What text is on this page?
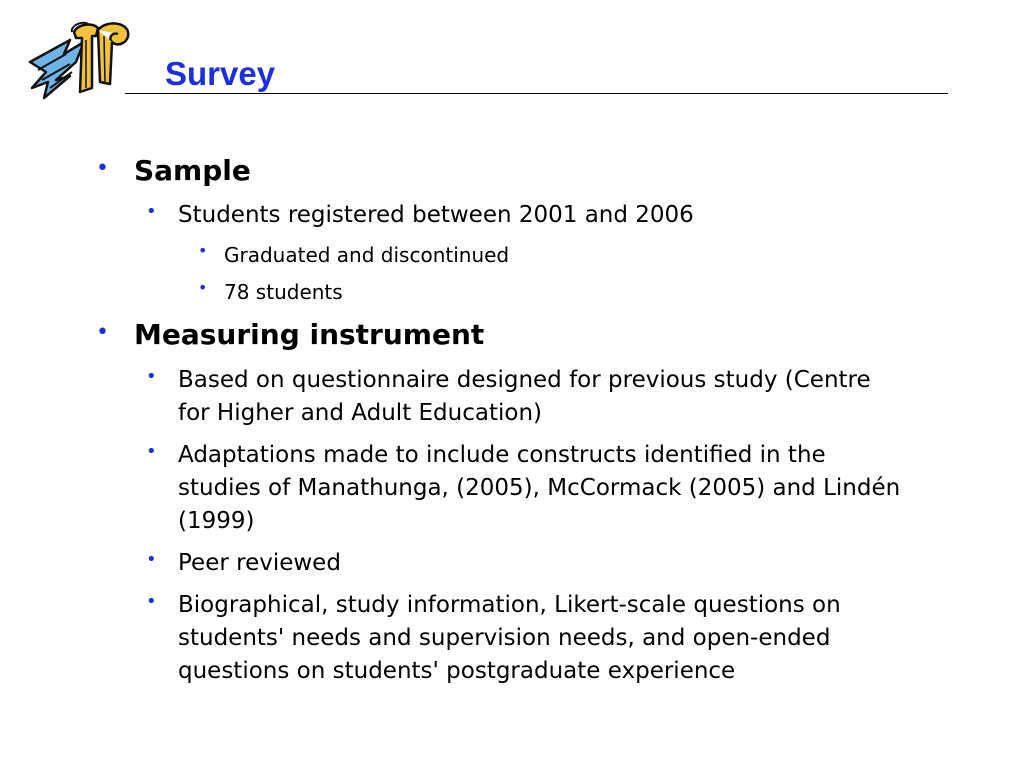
Survey
• Sample
• Students registered between 2001 and 2006
• Graduated and discontinued
• 78 students
• Measuring instrument
• Based on questionnaire designed for previous study (Centre
for Higher and Adult Education)
• Adaptations made to include constructs identified in the
studies of Manathunga, (2005), McCormack (2005) and Lindén
(1999)
• Peer reviewed
• Biographical, study information, Likert-scale questions on
students' needs and supervision needs, and open-ended
questions on students' postgraduate experience
